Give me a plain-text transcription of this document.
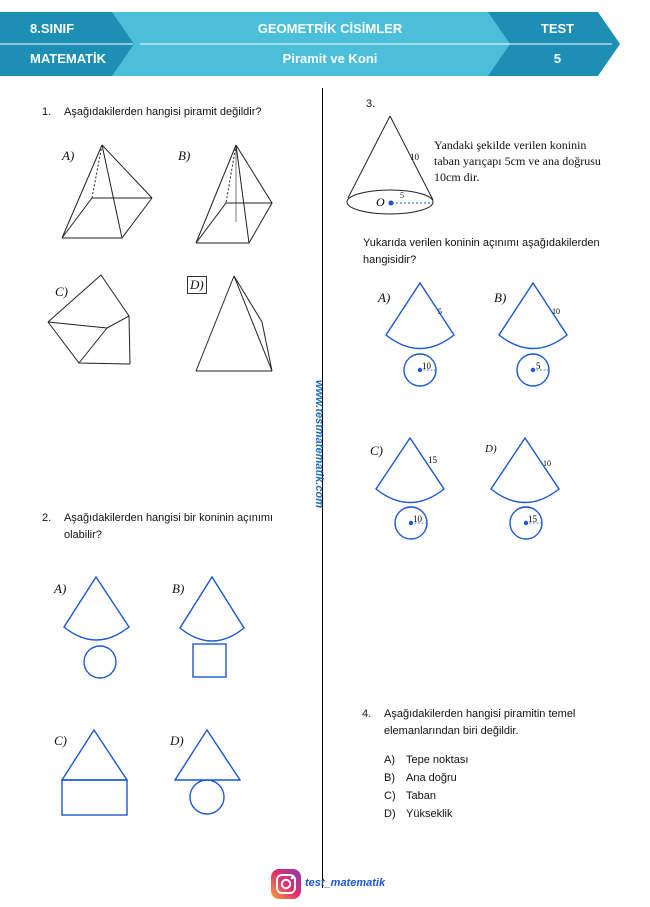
8.SINIF
MATEMATİK
GEOMETRİK CİSİMLER
Piramit ve Koni
TEST
5
www.testmatematik.com
1. Aşağıdakilerden hangisi piramit değildir?
A)	B)
C)	D)
2. Aşağıdakilerden hangisi bir koninin açınımı
olabilir?
A)	B)
C)	D)
3.
10
5
O
Yandaki şekilde verilen koninin
taban yarıçapı 5cm ve ana doğrusu
10cm dir.
Yukarıda verilen koninin açınımı aşağıdakilerden
hangisidir?
A)	B)
C)	D)
5
10
10
5
15
10
10
15
4. Aşağıdakilerden hangisi piramitin temel
elemanlarından biri değildir.
A) Tepe noktası
B) Ana doğru
C) Taban
D) Yükseklik
test_matematik
